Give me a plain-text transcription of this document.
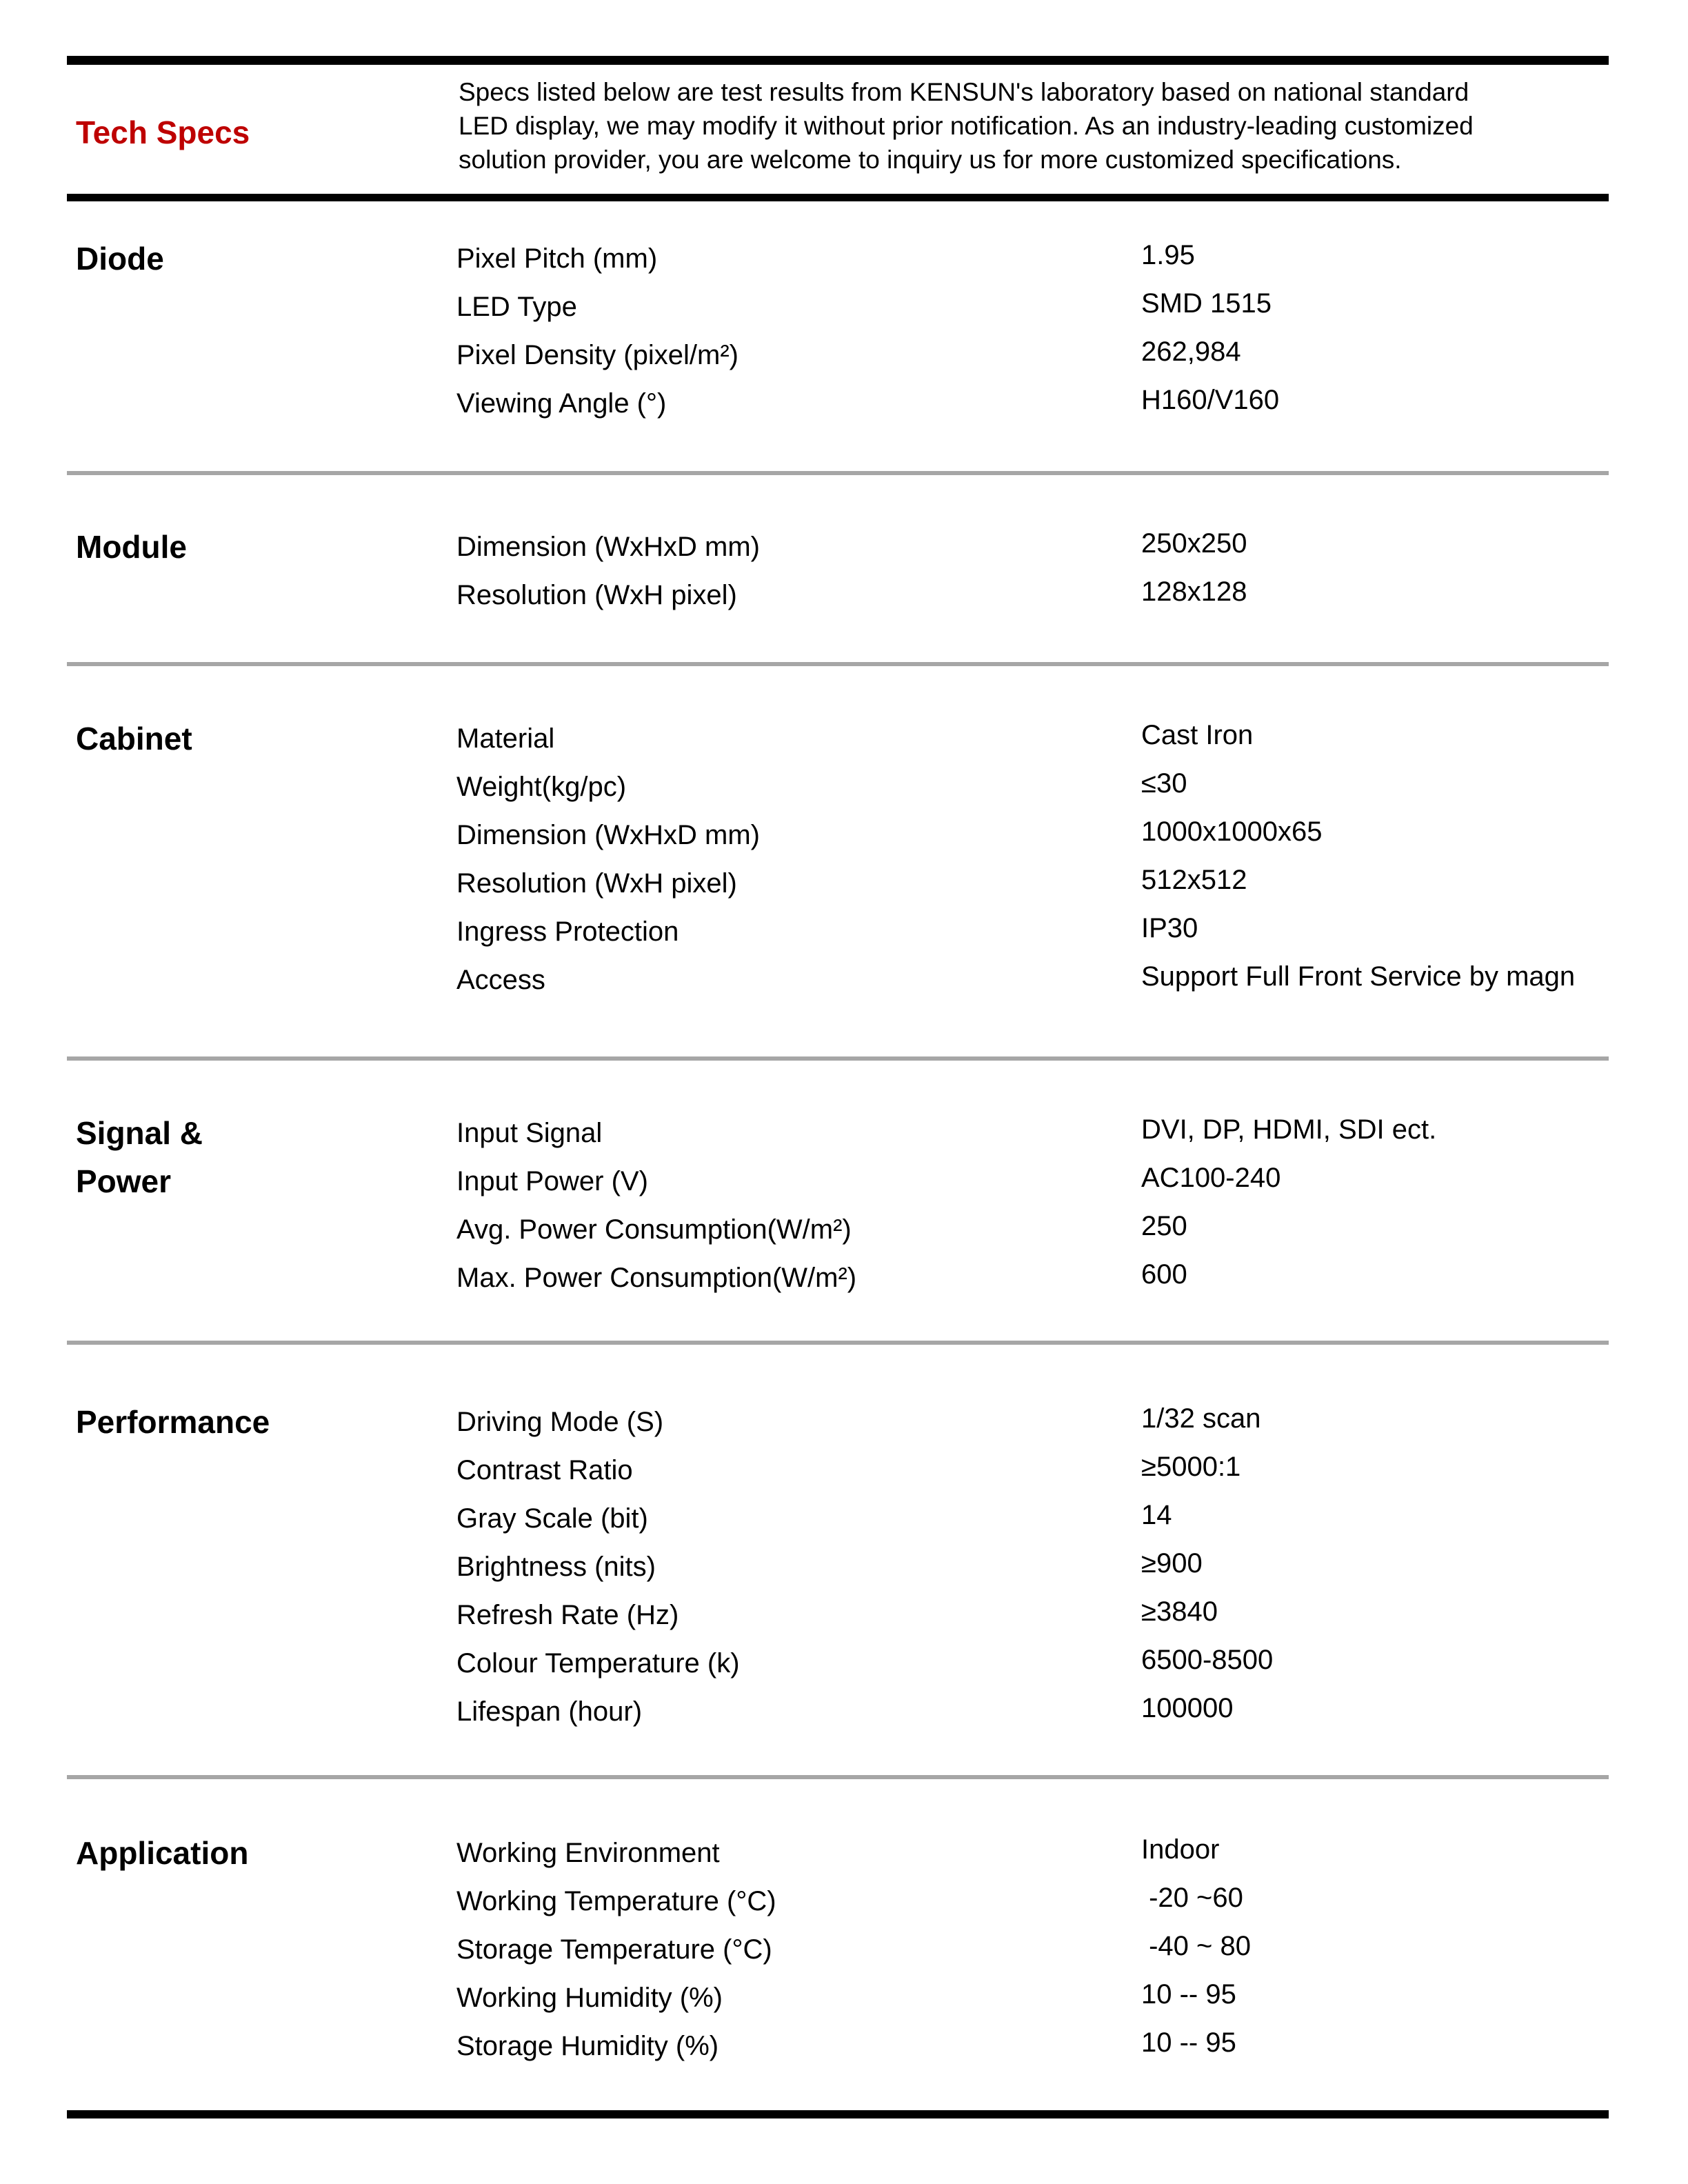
Tech Specs
Specs listed below are test results from KENSUN's laboratory based on national standard
LED display, we may modify it without prior notification. As an industry-leading customized
solution provider, you are welcome to inquiry us for more customized specifications.
Diode	Pixel Pitch (mm)	1.95
LED Type	SMD 1515
Pixel Density (pixel/m²)	262,984
Viewing Angle (°)	H160/V160
Module	Dimension (WxHxD mm)	250x250
Resolution (WxH pixel)	128x128
Cabinet	Material	Cast Iron
Weight(kg/pc)	≤30
Dimension (WxHxD mm)	1000x1000x65
Resolution (WxH pixel)	512x512
Ingress Protection	IP30
Access	Support Full Front Service by magn
Signal &
Power
Input Signal	DVI, DP, HDMI, SDI ect.
Input Power (V)	AC100-240
Avg. Power Consumption(W/m²)	250
Max. Power Consumption(W/m²)	600
Performance	Driving Mode (S)	1/32 scan
Contrast Ratio	≥5000:1
Gray Scale (bit)	14
Brightness (nits)	≥900
Refresh Rate (Hz)	≥3840
Colour Temperature (k)	6500-8500
Lifespan (hour)	100000
Application	Working Environment	Indoor
Working Temperature (°C)	-20 ~60
Storage Temperature (°C)	-40 ~ 80
Working Humidity (%)	10 -- 95
Storage Humidity (%)	10 -- 95
